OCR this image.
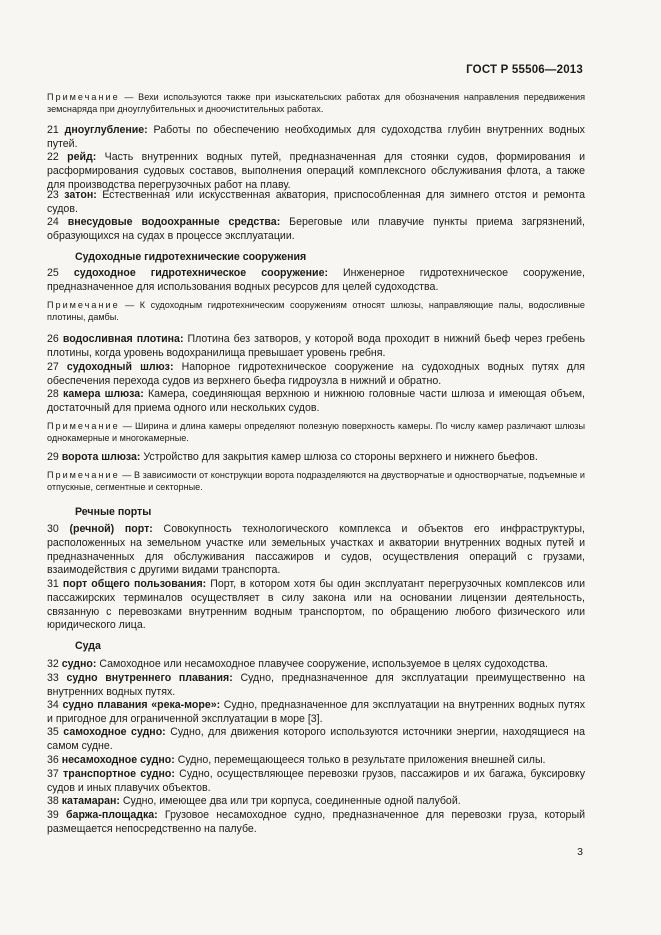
ГОСТ Р 55506—2013

Примечание — Вехи используются также при изыскательских работах для обозначения направления передвижения земснаряда при дноуглубительных и дноочистительных работах.

21 дноуглубление: Работы по обеспечению необходимых для судоходства глубин внутренних водных путей.

22 рейд: Часть внутренних водных путей, предназначенная для стоянки судов, формирования и расформирования судовых составов, выполнения операций комплексного обслуживания флота, а также для производства перегрузочных работ на плаву.

23 затон: Естественная или искусственная акватория, приспособленная для зимнего отстоя и ремонта судов.

24 внесудовые водоохранные средства: Береговые или плавучие пункты приема загрязнений, образующихся на судах в процессе эксплуатации.

Судоходные гидротехнические сооружения

25 судоходное гидротехническое сооружение: Инженерное гидротехническое сооружение, предназначенное для использования водных ресурсов для целей судоходства.

Примечание — К судоходным гидротехническим сооружениям относят шлюзы, направляющие палы, водосливные плотины, дамбы.

26 водосливная плотина: Плотина без затворов, у которой вода проходит в нижний бьеф через гребень плотины, когда уровень водохранилища превышает уровень гребня.

27 судоходный шлюз: Напорное гидротехническое сооружение на судоходных водных путях для обеспечения перехода судов из верхнего бьефа гидроузла в нижний и обратно.

28 камера шлюза: Камера, соединяющая верхнюю и нижнюю головные части шлюза и имеющая объем, достаточный для приема одного или нескольких судов.

Примечание — Ширина и длина камеры определяют полезную поверхность камеры. По числу камер различают шлюзы однокамерные и многокамерные.

29 ворота шлюза: Устройство для закрытия камер шлюза со стороны верхнего и нижнего бьефов.

Примечание — В зависимости от конструкции ворота подразделяются на двустворчатые и одностворчатые, подъемные и отпускные, сегментные и секторные.

Речные порты

30 (речной) порт: Совокупность технологического комплекса и объектов его инфраструктуры, расположенных на земельном участке или земельных участках и акватории внутренних водных путей и предназначенных для обслуживания пассажиров и судов, осуществления операций с грузами, взаимодействия с другими видами транспорта.

31 порт общего пользования: Порт, в котором хотя бы один эксплуатант перегрузочных комплексов или пассажирских терминалов осуществляет в силу закона или на основании лицензии деятельность, связанную с перевозками внутренним водным транспортом, по обращению любого физического или юридического лица.

Суда

32 судно: Самоходное или несамоходное плавучее сооружение, используемое в целях судоходства.

33 судно внутреннего плавания: Судно, предназначенное для эксплуатации преимущественно на внутренних водных путях.

34 судно плавания «река-море»: Судно, предназначенное для эксплуатации на внутренних водных путях и пригодное для ограниченной эксплуатации в море [3].

35 самоходное судно: Судно, для движения которого используются источники энергии, находящиеся на самом судне.

36 несамоходное судно: Судно, перемещающееся только в результате приложения внешней силы.

37 транспортное судно: Судно, осуществляющее перевозки грузов, пассажиров и их багажа, буксировку судов и иных плавучих объектов.

38 катамаран: Судно, имеющее два или три корпуса, соединенные одной палубой.

39 баржа-площадка: Грузовое несамоходное судно, предназначенное для перевозки груза, который размещается непосредственно на палубе.

3
